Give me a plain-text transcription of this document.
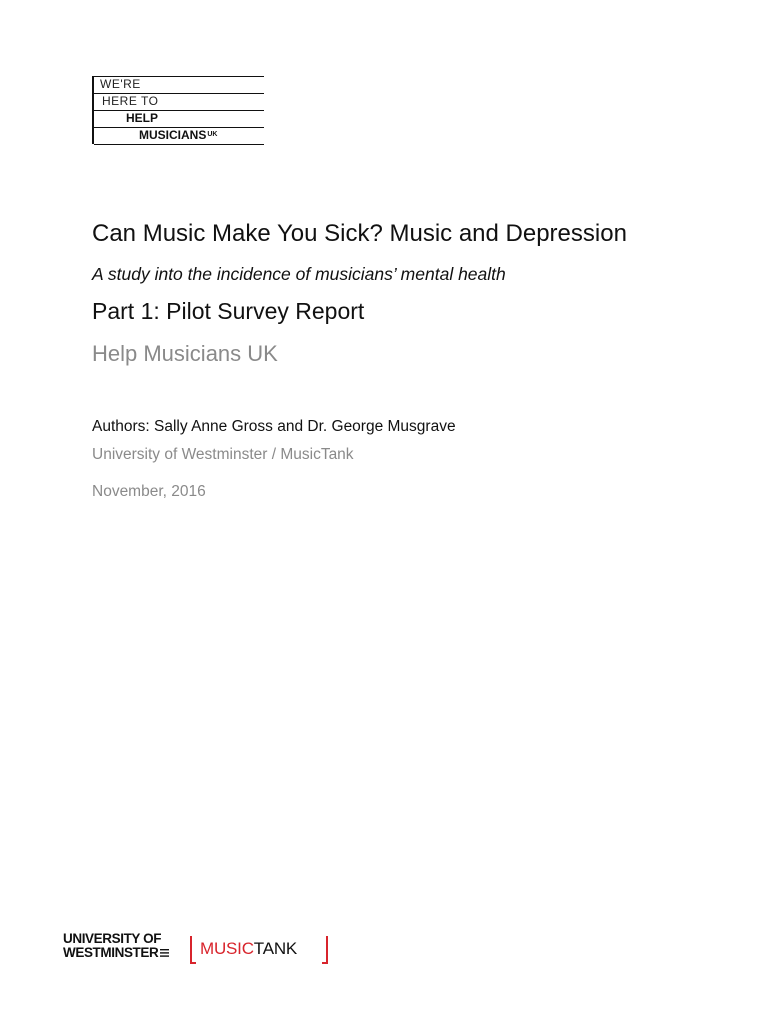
WE'RE
HERE TO
HELP
$MUSICIANS^{UK}$
Can Music Make You Sick? Music and Depression
A study into the incidence of musicians’ mental health
Part 1: Pilot Survey Report
Help Musicians UK
Authors: Sally Anne Gross and Dr. George Musgrave
University of Westminster / MusicTank
November, 2016
UNIVERSITY OF
WESTMINSTER	MUSICTANK
